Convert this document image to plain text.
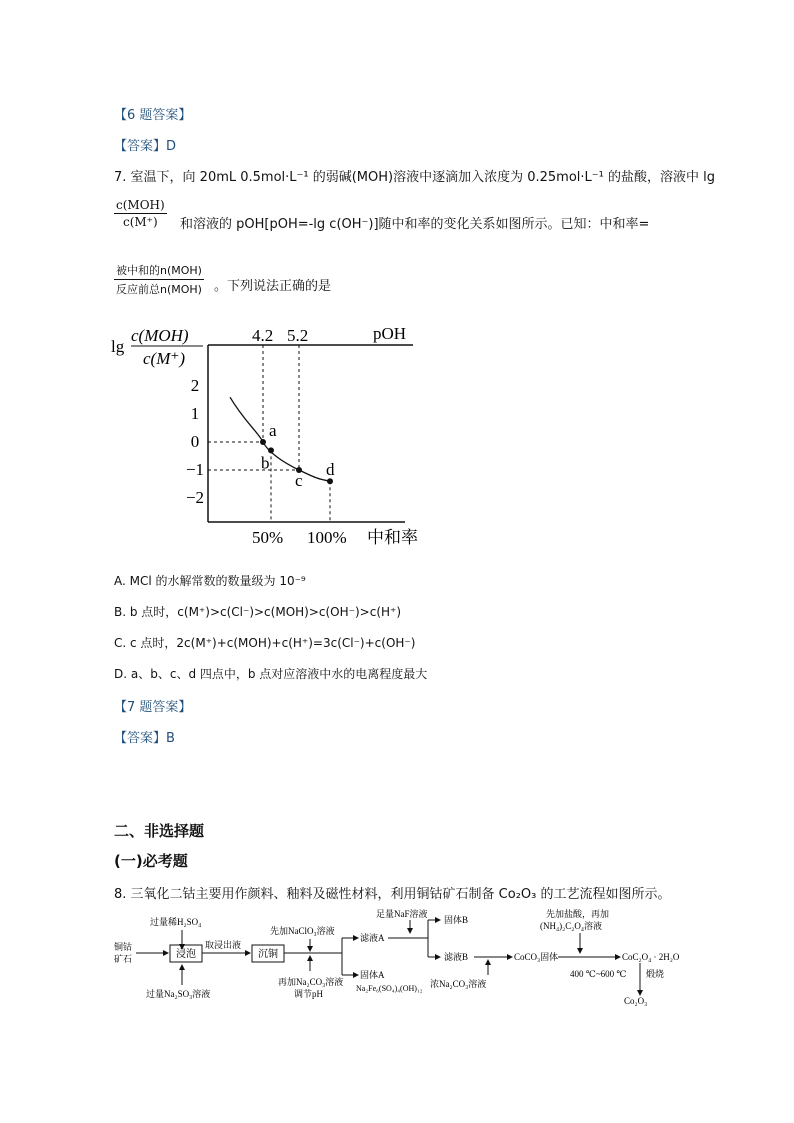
【6 题答案】
【答案】D
7. 室温下，向 20mL 0.5mol·L⁻¹ 的弱碱(MOH)溶液中逐滴加入浓度为 0.25mol·L⁻¹ 的盐酸，溶液中 lg
c(MOH)
c(M⁺)	和溶液的 pOH[pOH=-lg c(OH⁻)]随中和率的变化关系如图所示。已知：中和率=
被中和的n(MOH)
反应前总n(MOH) 。下列说法正确的是
lg
c(MOH)
c(M⁺)
pOH
4.2 5.2
50% 100% 中和率
2
1
0
−1
−2
a
b
c
d
A. MCl 的水解常数的数量级为 10⁻⁹
B. b 点时，c(M⁺)>c(Cl⁻)>c(MOH)>c(OH⁻)>c(H⁺)
C. c 点时，2c(M⁺)+c(MOH)+c(H⁺)=3c(Cl⁻)+c(OH⁻)
D. a、b、c、d 四点中，b 点对应溶液中水的电离程度最大
【7 题答案】
【答案】B
二、非选择题
(一)必考题
8. 三氧化二钴主要用作颜料、釉料及磁性材料，利用铜钴矿石制备 Co₂O₃ 的工艺流程如图所示。
铜钴
矿石
过量稀H₂SO₄
过量Na₂SO₃溶液
浸泡
取浸出液
沉铜
先加NaClO₃溶液
再加Na₂CO₃溶液
调节pH
滤液A
固体A
Na₂Fe₆(SO₄)₄(OH)₁₂
足量NaF溶液
固体B
滤液B
浓Na₂CO₃溶液
CoCO₃固体
先加盐酸，再加
(NH₄)₂C₂O₄溶液
CoC₂O₄ · 2H₂O
400 ℃~600 ℃ 煅烧
Co₂O₃
